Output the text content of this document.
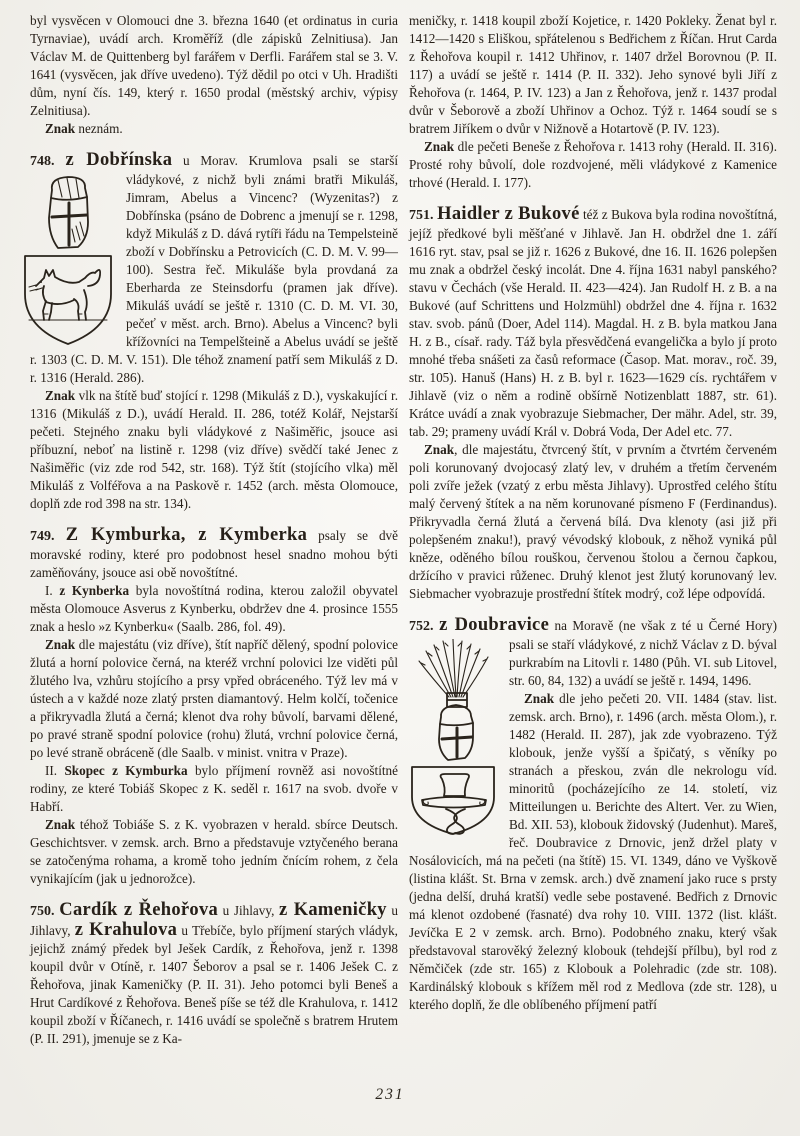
byl vysvěcen v Olomouci dne 3. března 1640 (et ordinatus in curia Tyrnaviae), uvádí arch. Kroměříž (dle zápisků Zelnitiusa). Jan Václav M. de Quittenberg byl farářem v Derfli. Farářem stal se 3. V. 1641 (vysvěcen, jak dříve uvedeno). Týž dědil po otci v Uh. Hradišti dům, nyní čís. 149, který r. 1650 prodal (městský archiv, výpisy Zelnitiusa).

Znak neznám.

748. z Dobřínska u Morav. Krumlova psali se starší
vládykové, z nichž byli známi bratři Mikuláš, Jimram, Abelus a Vincenc? (Wyzenitas?) z Dobřínska (psáno de Dobrenc a jmenují se r. 1298, když Mikuláš z D. dává rytíři řádu na Tempelsteině zboží v Dobřínsku a Petrovicích (C. D. M. V. 99—100). Sestra řeč. Mikuláše byla provdaná za Eberharda ze Steinsdorfu (pramen jak dříve). Mikuláš uvádí se ještě r. 1310 (C. D. M. VI. 30, pečeť v měst. arch. Brno). Abelus a Vincenc? byli křížovníci na Tempelšteině a Abelus uvádí se ještě r. 1303 (C. D. M. V. 151). Dle téhož znamení patří sem Mikuláš z D. r. 1316 (Herald. 286).

Znak vlk na štítě buď stojící r. 1298 (Mikuláš z D.), vyskakující r. 1316 (Mikuláš z D.), uvádí Herald. II. 286, totéž Kolář, Nejstarší pečeti. Stejného znaku byli vládykové z Našiměřic, jsouce asi příbuzní, neboť na listině r. 1298 (viz dříve) svědčí také Jenec z Našiměřic (viz zde rod 542, str. 168). Týž štít (stojícího vlka) měl Mikuláš z Volféřova a na Paskově r. 1452 (arch. města Olomouce, doplň zde rod 398 na str. 134).

749. Z Kymburka, z Kymberka psaly se dvě moravské rodiny, které pro podobnost hesel snadno mohou býti zaměňovány, jsouce asi obě novoštítné.

I. z Kynberka byla novoštítná rodina, kterou založil obyvatel města Olomouce Asverus z Kynberku, obdržev dne 4. prosince 1555 znak a heslo »z Kynberku« (Saalb. 286, fol. 49).

Znak dle majestátu (viz dříve), štít napříč dělený, spodní polovice žlutá a horní polovice černá, na kteréž vrchní polovici lze viděti půl žlutého lva, vzhůru stojícího a prsy vpřed obráceného. Týž lev má v ústech a v každé noze zlatý prsten diamantový. Helm kolčí, točenice a přikryvadla žlutá a černá; klenot dva rohy bůvolí, barvami dělené, po pravé straně spodní polovice (rohu) žlutá, vrchní polovice černá, po levé straně obráceně (dle Saalb. v minist. vnitra v Praze).

II. Skopec z Kymburka bylo příjmení rovněž asi novoštítné rodiny, ze které Tobiáš Skopec z K. seděl r. 1617 na svob. dvoře v Habří.

Znak téhož Tobiáše S. z K. vyobrazen v herald. sbírce Deutsch. Geschichtsver. v zemsk. arch. Brno a představuje vztyčeného berana se zatočenýma rohama, a kromě toho jedním čnícím rohem, z čela vynikajícím (jak u jednorožce).

750. Cardík z Řehořova u Jihlavy, z Kameničky u Jihlavy, z Krahulova u Třebíče, bylo příjmení starých vládyk, jejichž známý předek byl Ješek Cardík, z Řehořova, jenž r. 1398 koupil dvůr v Otíně, r. 1407 Šeborov a psal se r. 1406 Ješek C. z Řehořova, jinak Kameničky (P. II. 31). Jeho potomci byli Beneš a Hrut Cardíkové z Řehořova. Beneš píše se též dle Krahulova, r. 1412 koupil zboží v Říčanech, r. 1416 uvádí se společně s bratrem Hrutem (P. II. 291), jmenuje se z Ka-

meničky, r. 1418 koupil zboží Kojetice, r. 1420 Pokleky. Ženat byl r. 1412—1420 s Eliškou, spřátelenou s Bedřichem z Říčan. Hrut Carda z Řehořova koupil r. 1412 Uhřinov, r. 1407 držel Borovnou (P. II. 117) a uvádí se ještě r. 1414 (P. II. 332). Jeho synové byli Jiří z Řehořova (r. 1464, P. IV. 123) a Jan z Řehořova, jenž r. 1437 prodal dvůr v Šeborově a zboží Uhřinov a Ochoz. Týž r. 1464 soudí se s bratrem Jiříkem o dvůr v Nižnově a Hotartově (P. IV. 123).

Znak dle pečeti Beneše z Řehořova r. 1413 rohy (Herald. II. 316). Prosté rohy bůvolí, dole rozdvojené, měli vládykové z Kamenice trhové (Herald. I. 177).

751. Haidler z Bukové též z Bukova byla rodina novoštítná, jejíž předkové byli měšťané v Jihlavě. Jan H. obdržel dne 1. září 1616 ryt. stav, psal se již r. 1626 z Bukové, dne 16. II. 1626 polepšen mu znak a obdržel český incolát. Dne 4. října 1631 nabyl panského? stavu v Čechách (vše Herald. II. 423—424). Jan Rudolf H. z B. a na Bukové (auf Schrittens und Holzmühl) obdržel dne 4. října r. 1632 stav. svob. pánů (Doer, Adel 114). Magdal. H. z B. byla matkou Jana H. z B., císař. rady. Táž byla přesvědčená evangelička a bylo jí proto mnohé třeba snášeti za časů reformace (Časop. Mat. morav., roč. 39, str. 105). Hanuš (Hans) H. z B. byl r. 1623—1629 cís. rychtářem v Jihlavě (viz o něm a rodině obšírně Notizenblatt 1887, str. 61). Krátce uvádí a znak vyobrazuje Siebmacher, Der mähr. Adel, str. 39, tab. 29; prameny uvádí Král v. Dobrá Voda, Der Adel etc. 77.

Znak, dle majestátu, čtvrcený štít, v prvním a čtvrtém červeném poli korunovaný dvojocasý zlatý lev, v druhém a třetím červeném poli zvíře ježek (vzatý z erbu města Jihlavy). Uprostřed celého štítu malý červený štítek a na něm korunované písmeno F (Ferdinandus). Přikryvadla černá žlutá a červená bílá. Dva klenoty (asi již při polepšeném znaku!), pravý vévodský klobouk, z něhož vyniká půl kněze, oděného bílou rouškou, červenou štolou a černou čapkou, držícího v pravici růženec. Druhý klenot jest žlutý korunovaný lev. Siebmacher vyobrazuje prostřední štítek modrý, což lépe odpovídá.

752. z Doubravice na Moravě (ne však z té u Černé
Hory) psali se staří vládykové, z nichž Václav z D. býval purkrabím na Litovli r. 1480 (Půh. VI. sub Litovel, str. 60, 84, 132) a uvádí se ještě r. 1494, 1496.

Znak dle jeho pečeti 20. VII. 1484 (stav. list. zemsk. arch. Brno), r. 1496 (arch. města Olom.), r. 1482 (Herald. II. 287), jak zde vyobrazeno. Týž klobouk, jenže vyšší a špičatý, s věníky po stranách a přeskou, zván dle nekrologu víd. minoritů (pocházejícího ze 14. století, viz Mitteilungen u. Berichte des Altert. Ver. zu Wien, Bd. XII. 53), klobouk židovský (Judenhut). Mareš, řeč. Doubravice z Drnovic, jenž držel platy v Nosálovicích, má na pečeti (na štítě) 15. VI. 1349, dáno ve Vyškově (listina klášt. St. Brna v zemsk. arch.) dvě znamení jako ruce s prsty (jedna delší, druhá kratší) vedle sebe postavené. Bedřich z Drnovic má klenot ozdobené (řasnaté) dva rohy 10. VIII. 1372 (list. klášt. Jevíčka E 2 v zemsk. arch. Brno). Podobného znaku, který však představoval starověký železný klobouk (tehdejší přílbu), byl rod z Němčiček (zde str. 165) z Klobouk a Polehradic (zde str. 108). Kardinálský klobouk s křížem měl rod z Medlova (zde str. 128), u kterého doplň, že dle oblíbeného příjmení patří

231
